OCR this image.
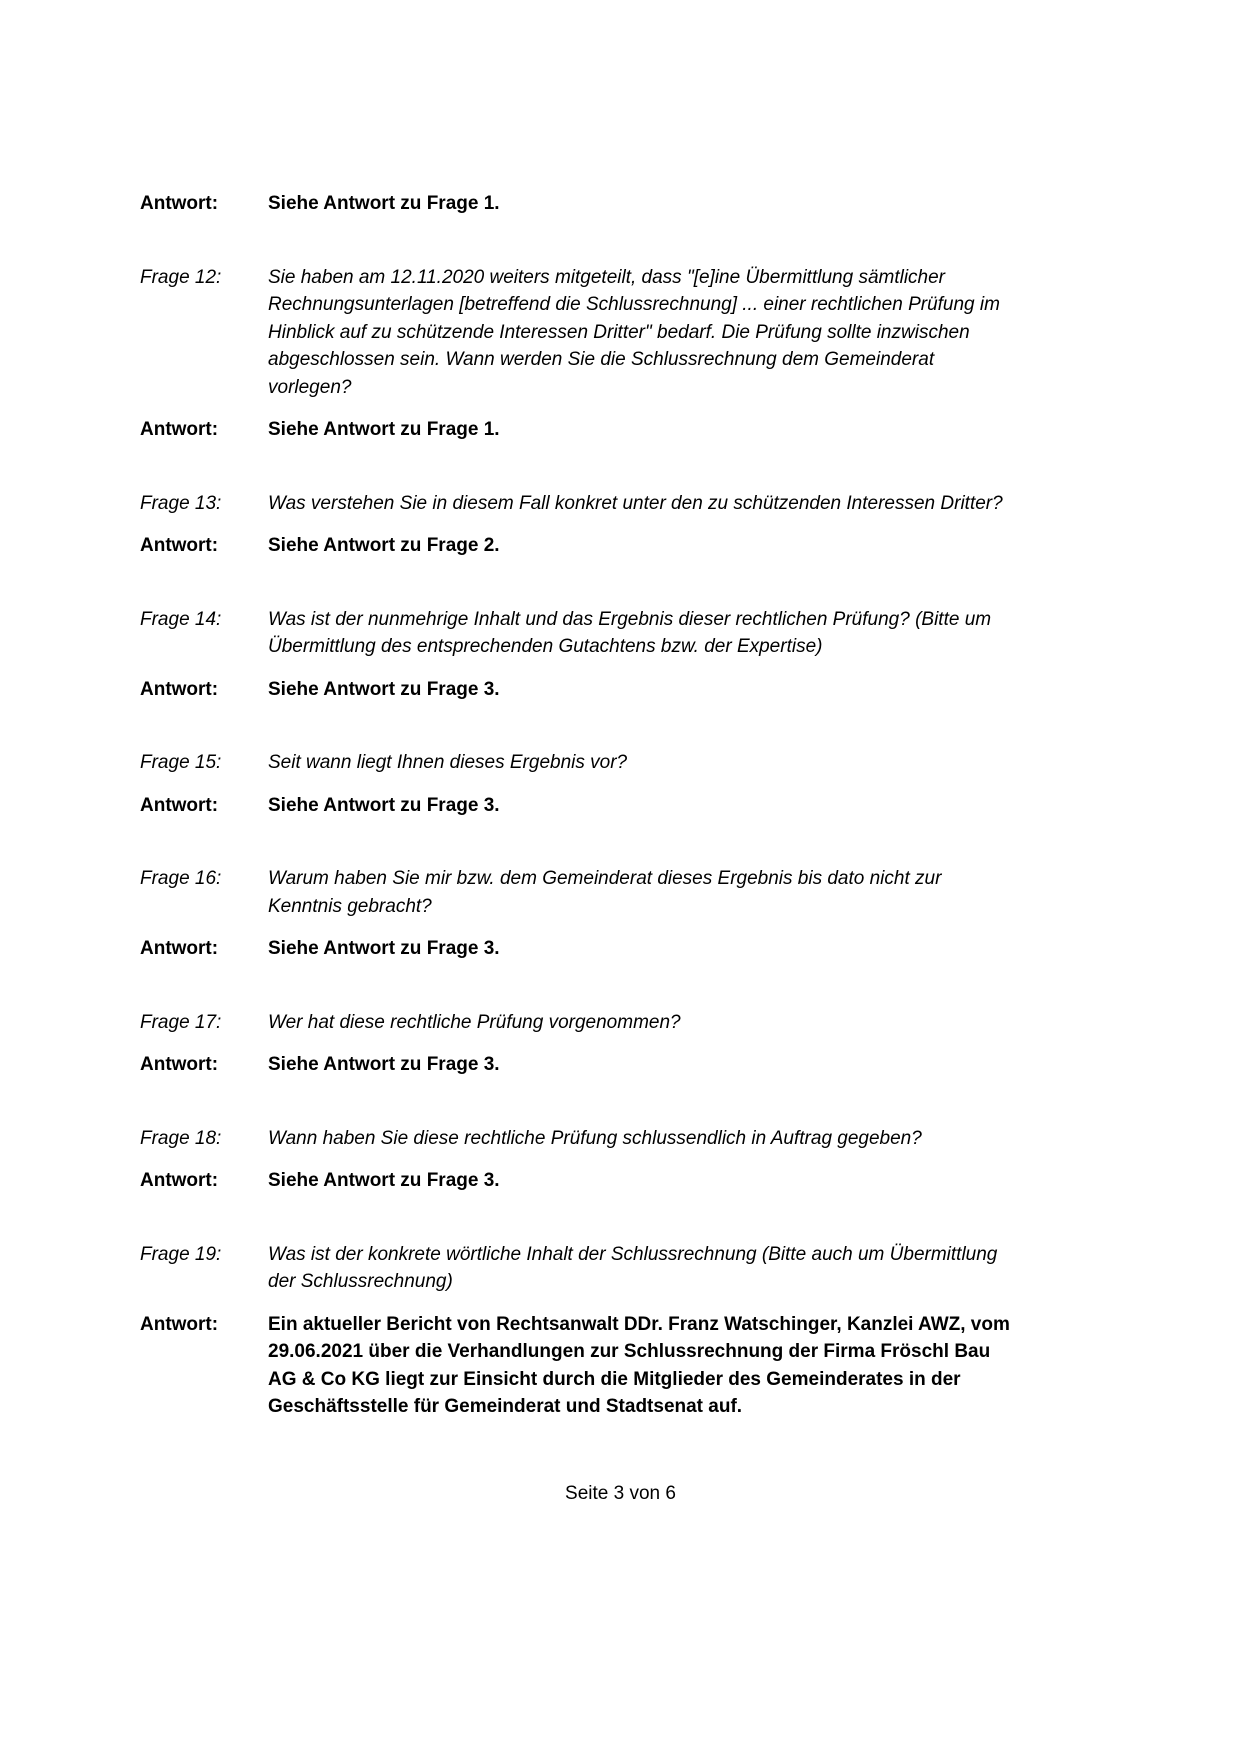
Antwort:	Siehe Antwort zu Frage 1.
Frage 12:	Sie haben am 12.11.2020 weiters mitgeteilt, dass "[e]ine Übermittlung sämtlicher Rechnungsunterlagen [betreffend die Schlussrechnung] ... einer rechtlichen Prüfung im Hinblick auf zu schützende Interessen Dritter" bedarf. Die Prüfung sollte inzwischen abgeschlossen sein. Wann werden Sie die Schlussrechnung dem Gemeinderat vorlegen?
Antwort:	Siehe Antwort zu Frage 1.
Frage 13:	Was verstehen Sie in diesem Fall konkret unter den zu schützenden Interessen Dritter?
Antwort:	Siehe Antwort zu Frage 2.
Frage 14:	Was ist der nunmehrige Inhalt und das Ergebnis dieser rechtlichen Prüfung? (Bitte um Übermittlung des entsprechenden Gutachtens bzw. der Expertise)
Antwort:	Siehe Antwort zu Frage 3.
Frage 15:	Seit wann liegt Ihnen dieses Ergebnis vor?
Antwort:	Siehe Antwort zu Frage 3.
Frage 16:	Warum haben Sie mir bzw. dem Gemeinderat dieses Ergebnis bis dato nicht zur Kenntnis gebracht?
Antwort:	Siehe Antwort zu Frage 3.
Frage 17:	Wer hat diese rechtliche Prüfung vorgenommen?
Antwort:	Siehe Antwort zu Frage 3.
Frage 18:	Wann haben Sie diese rechtliche Prüfung schlussendlich in Auftrag gegeben?
Antwort:	Siehe Antwort zu Frage 3.
Frage 19:	Was ist der konkrete wörtliche Inhalt der Schlussrechnung (Bitte auch um Übermittlung der Schlussrechnung)
Antwort:	Ein aktueller Bericht von Rechtsanwalt DDr. Franz Watschinger, Kanzlei AWZ, vom 29.06.2021 über die Verhandlungen zur Schlussrechnung der Firma Fröschl Bau AG & Co KG liegt zur Einsicht durch die Mitglieder des Gemeinderates in der Geschäftsstelle für Gemeinderat und Stadtsenat auf.
Seite 3 von 6
